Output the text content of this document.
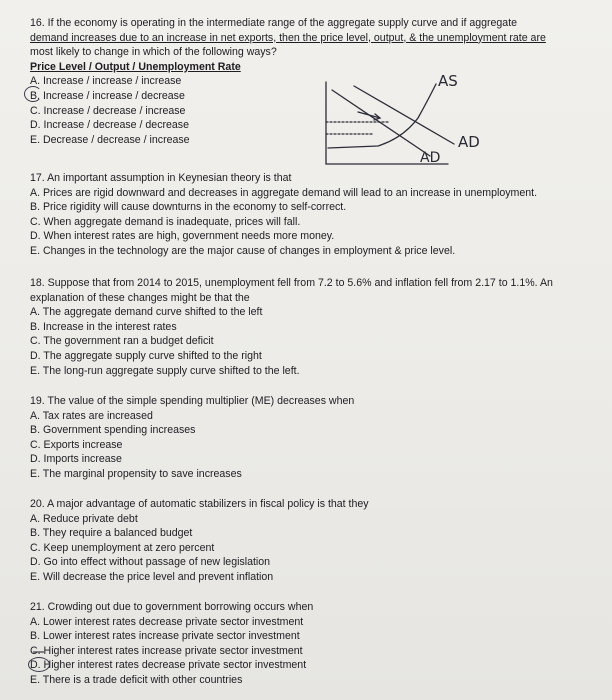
16. If the economy is operating in the intermediate range of the aggregate supply curve and if aggregate
demand increases due to an increase in net exports, then the price level, output, & the unemployment rate are
most likely to change in which of the following ways?
Price Level / Output / Unemployment Rate
A. Increase / increase / increase
B. Increase / increase / decrease
C. Increase / decrease / increase
D. Increase / decrease / decrease
E. Decrease / decrease / increase
AS
AD
AD
17. An important assumption in Keynesian theory is that
A. Prices are rigid downward and decreases in aggregate demand will lead to an increase in unemployment.
B. Price rigidity will cause downturns in the economy to self-correct.
C. When aggregate demand is inadequate, prices will fall.
D. When interest rates are high, government needs more money.
E. Changes in the technology are the major cause of changes in employment & price level.
18. Suppose that from 2014 to 2015, unemployment fell from 7.2 to 5.6% and inflation fell from 2.17 to 1.1%. An
explanation of these changes might be that the
A. The aggregate demand curve shifted to the left
B. Increase in the interest rates
C. The government ran a budget deficit
D. The aggregate supply curve shifted to the right
E. The long-run aggregate supply curve shifted to the left.
19. The value of the simple spending multiplier (ME) decreases when
A. Tax rates are increased
B. Government spending increases
C. Exports increase
D. Imports increase
E. The marginal propensity to save increases
20. A major advantage of automatic stabilizers in fiscal policy is that they
A. Reduce private debt
B. They require a balanced budget
C. Keep unemployment at zero percent
D. Go into effect without passage of new legislation
E. Will decrease the price level and prevent inflation
21. Crowding out due to government borrowing occurs when
A. Lower interest rates decrease private sector investment
B. Lower interest rates increase private sector investment
C. Higher interest rates increase private sector investment
D. Higher interest rates decrease private sector investment
E. There is a trade deficit with other countries
